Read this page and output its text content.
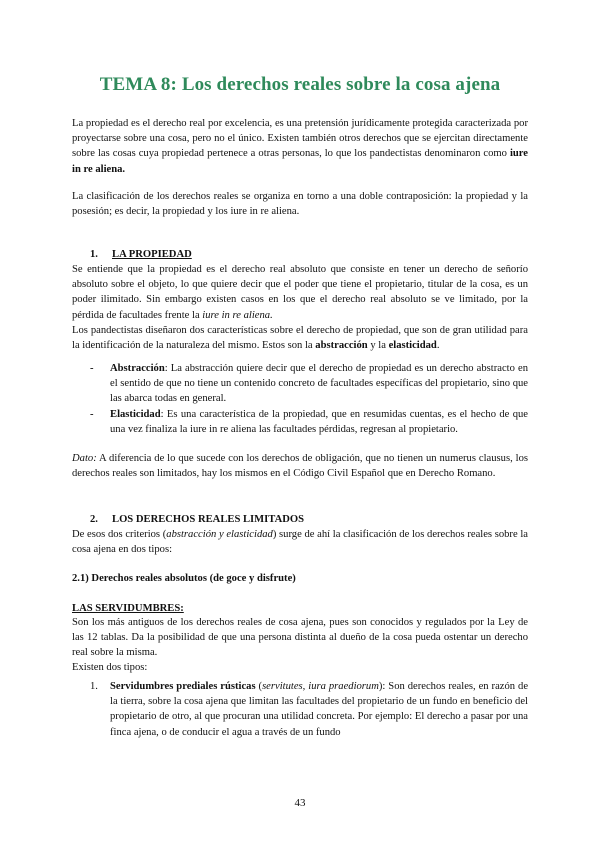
TEMA 8: Los derechos reales sobre la cosa ajena

La propiedad es el derecho real por excelencia, es una pretensión jurídicamente protegida caracterizada por proyectarse sobre una cosa, pero no el único. Existen también otros derechos que se ejercitan directamente sobre las cosas cuya propiedad pertenece a otras personas, lo que los pandectistas denominaron como iure in re aliena.

La clasificación de los derechos reales se organiza en torno a una doble contraposición: la propiedad y la posesión; es decir, la propiedad y los iure in re aliena.

1. LA PROPIEDAD

Se entiende que la propiedad es el derecho real absoluto que consiste en tener un derecho de señorío absoluto sobre el objeto, lo que quiere decir que el poder que tiene el propietario, titular de la cosa, es un poder ilimitado. Sin embargo existen casos en los que el derecho real absoluto se ve limitado, por la pérdida de facultades frente la iure in re aliena.

Los pandectistas diseñaron dos características sobre el derecho de propiedad, que son de gran utilidad para la identificación de la naturaleza del mismo. Estos son la abstracción y la elasticidad.

- Abstracción: La abstracción quiere decir que el derecho de propiedad es un derecho abstracto en el sentido de que no tiene un contenido concreto de facultades específicas del propietario, sino que las abarca todas en general.
- Elasticidad: Es una característica de la propiedad, que en resumidas cuentas, es el hecho de que una vez finaliza la iure in re aliena las facultades pérdidas, regresan al propietario.

Dato: A diferencia de lo que sucede con los derechos de obligación, que no tienen un numerus clausus, los derechos reales son limitados, hay los mismos en el Código Civil Español que en Derecho Romano.

2. LOS DERECHOS REALES LIMITADOS

De esos dos criterios (abstracción y elasticidad) surge de ahí la clasificación de los derechos reales sobre la cosa ajena en dos tipos:

2.1) Derechos reales absolutos (de goce y disfrute)

LAS SERVIDUMBRES:

Son los más antiguos de los derechos reales de cosa ajena, pues son conocidos y regulados por la Ley de las 12 tablas. Da la posibilidad de que una persona distinta al dueño de la cosa pueda ostentar un derecho real sobre la misma.

Existen dos tipos:

1. Servidumbres prediales rústicas (servitutes, iura praediorum): Son derechos reales, en razón de la tierra, sobre la cosa ajena que limitan las facultades del propietario de un fundo en beneficio del propietario de otro, al que procuran una utilidad concreta. Por ejemplo: El derecho a pasar por una finca ajena, o de conducir el agua a través de un fundo
43
